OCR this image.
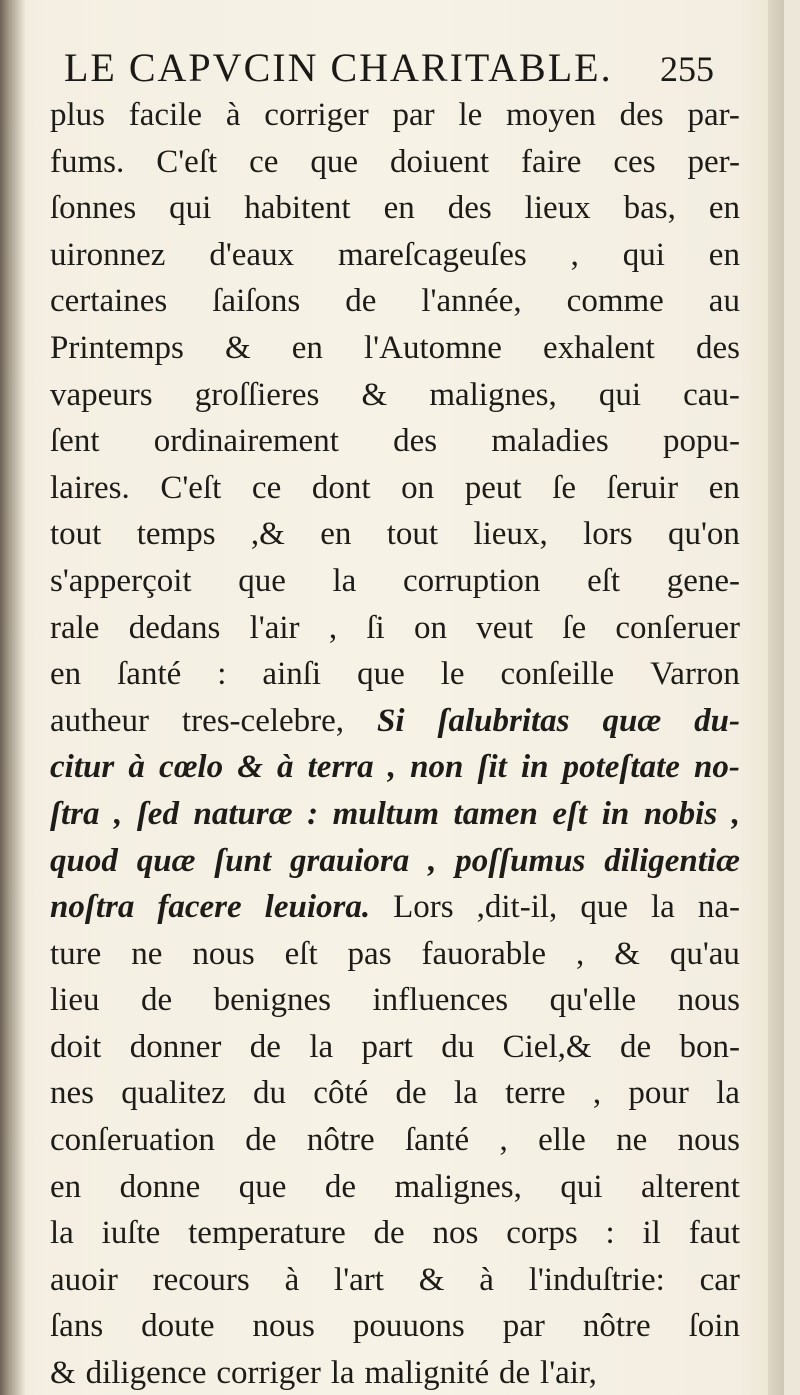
LE CAPVCIN CHARITABLE. 255
plus facile à corriger par le moyen des par-
fums. C'eſt ce que doiuent faire ces per-
ſonnes qui habitent en des lieux bas, en
uironnez d'eaux mareſcageuſes , qui en
certaines ſaiſons de l'année, comme au
Printemps & en l'Automne exhalent des
vapeurs groſſieres & malignes, qui cau-
ſent ordinairement des maladies popu-
laires. C'eſt ce dont on peut ſe ſeruir en
tout temps ,& en tout lieux, lors qu'on
s'apperçoit que la corruption eſt gene-
rale dedans l'air , ſi on veut ſe conſeruer
en ſanté : ainſi que le conſeille Varron
autheur tres-celebre, Si ſalubritas quæ du-
citur à cœlo & à terra , non ſit in poteſtate no-
ſtra , ſed naturæ : multum tamen eſt in nobis ,
quod quæ ſunt grauiora , poſſumus diligentiæ
noſtra facere leuiora. Lors ,dit-il, que la na-
ture ne nous eſt pas fauorable , & qu'au
lieu de benignes influences qu'elle nous
doit donner de la part du Ciel,& de bon-
nes qualitez du côté de la terre , pour la
conſeruation de nôtre ſanté , elle ne nous
en donne que de malignes, qui alterent
la iuſte temperature de nos corps : il faut
auoir recours à l'art & à l'induſtrie: car
ſans doute nous pouuons par nôtre ſoin
& diligence corriger la malignité de l'air,
